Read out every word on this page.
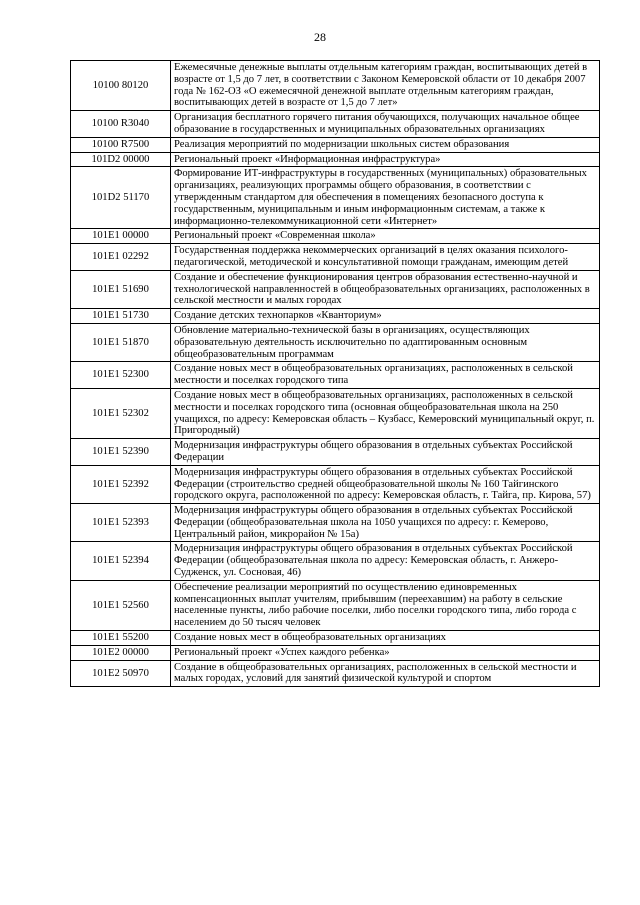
28
10100 80120	Ежемесячные денежные выплаты отдельным категориям граждан, воспитывающих детей в возрасте от 1,5 до 7 лет, в соответствии с Законом Кемеровской области от 10 декабря 2007 года № 162-ОЗ «О ежемесячной денежной выплате отдельным категориям граждан, воспитывающих детей в возрасте от 1,5 до 7 лет»
10100 R3040	Организация бесплатного горячего питания обучающихся, получающих начальное общее образование в государственных и муниципальных образовательных организациях
10100 R7500	Реализация мероприятий по модернизации школьных систем образования
101D2 00000	Региональный проект «Информационная инфраструктура»
101D2 51170	Формирование ИТ-инфраструктуры в государственных (муниципальных) образовательных организациях, реализующих программы общего образования, в соответствии с утвержденным стандартом для обеспечения в помещениях безопасного доступа к государственным, муниципальным и иным информационным системам, а также к информационно-телекоммуникационной сети «Интернет»
101E1 00000	Региональный проект «Современная школа»
101E1 02292	Государственная поддержка некоммерческих организаций в целях оказания психолого-педагогической, методической и консультативной помощи гражданам, имеющим детей
101E1 51690	Создание и обеспечение функционирования центров образования естественно-научной и технологической направленностей в общеобразовательных организациях, расположенных в сельской местности и малых городах
101E1 51730	Создание детских технопарков «Кванториум»
101E1 51870	Обновление материально-технической базы в организациях, осуществляющих образовательную деятельность исключительно по адаптированным основным общеобразовательным программам
101E1 52300	Создание новых мест в общеобразовательных организациях, расположенных в сельской местности и поселках городского типа
101E1 52302	Создание новых мест в общеобразовательных организациях, расположенных в сельской местности и поселках городского типа (основная общеобразовательная школа на 250 учащихся, по адресу: Кемеровская область – Кузбасс, Кемеровский муниципальный округ, п. Пригородный)
101E1 52390	Модернизация инфраструктуры общего образования в отдельных субъектах Российской Федерации
101E1 52392	Модернизация инфраструктуры общего образования в отдельных субъектах Российской Федерации (строительство средней общеобразовательной школы № 160 Тайгинского городского округа, расположенной по адресу: Кемеровская область, г. Тайга, пр. Кирова, 57)
101E1 52393	Модернизация инфраструктуры общего образования в отдельных субъектах Российской Федерации (общеобразовательная школа на 1050 учащихся по адресу: г. Кемерово, Центральный район, микрорайон № 15а)
101E1 52394	Модернизация инфраструктуры общего образования в отдельных субъектах Российской Федерации (общеобразовательная школа по адресу: Кемеровская область, г. Анжеро-Судженск, ул. Сосновая, 46)
101E1 52560	Обеспечение реализации мероприятий по осуществлению единовременных компенсационных выплат учителям, прибывшим (переехавшим) на работу в сельские населенные пункты, либо рабочие поселки, либо поселки городского типа, либо города с населением до 50 тысяч человек
101E1 55200	Создание новых мест в общеобразовательных организациях
101E2 00000	Региональный проект «Успех каждого ребенка»
101E2 50970	Создание в общеобразовательных организациях, расположенных в сельской местности и малых городах, условий для занятий физической культурой и спортом
